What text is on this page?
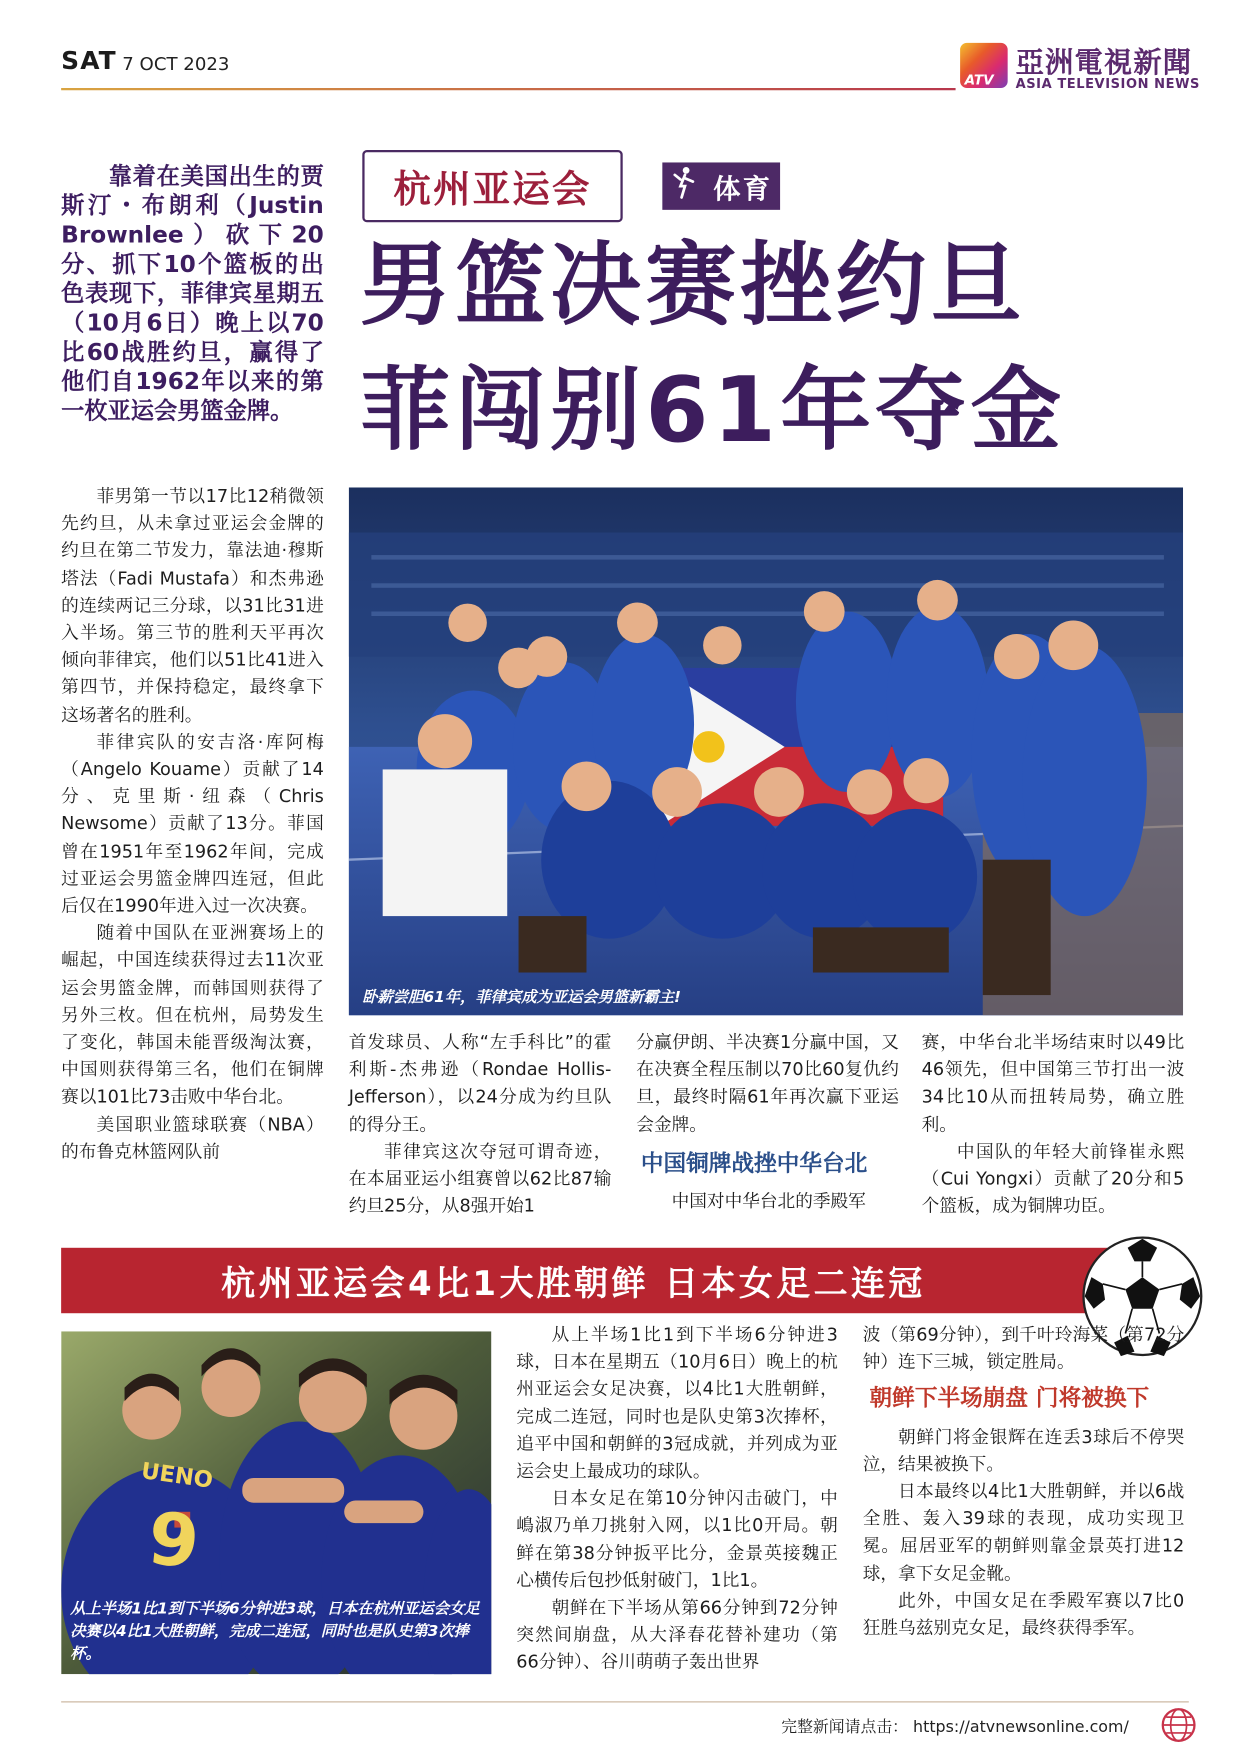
SAT 7 OCT 2023
ATV
亞洲電視新聞
ASIA TELEVISION NEWS
杭州亚运会	体育
男篮决赛挫约旦
菲闯别61年夺金
靠着在美国出生的贾斯汀・布朗利（Justin Brownlee）砍下20分、抓下10个篮板的出色表现下，菲律宾星期五（10月6日）晚上以70比60战胜约旦，赢得了他们自1962年以来的第一枚亚运会男篮金牌。

菲男第一节以17比12稍微领先约旦，从未拿过亚运会金牌的约旦在第二节发力，靠法迪·穆斯塔法（Fadi Mustafa）和杰弗逊的连续两记三分球，以31比31进入半场。第三节的胜利天平再次倾向菲律宾，他们以51比41进入第四节，并保持稳定，最终拿下这场著名的胜利。

菲律宾队的安吉洛·库阿梅（Angelo Kouame）贡献了14分、克里斯·纽森（Chris Newsome）贡献了13分。菲国曾在1951年至1962年间，完成过亚运会男篮金牌四连冠，但此后仅在1990年进入过一次决赛。

随着中国队在亚洲赛场上的崛起，中国连续获得过去11次亚运会男篮金牌，而韩国则获得了另外三枚。但在杭州，局势发生了变化，韩国未能晋级淘汰赛，中国则获得第三名，他们在铜牌赛以101比73击败中华台北。

美国职业篮球联赛（NBA）的布鲁克林篮网队前

卧薪尝胆61年，菲律宾成为亚运会男篮新霸主!

首发球员、人称“左手科比”的霍利斯-杰弗逊（Rondae Hollis-Jefferson），以24分成为约旦队的得分王。

菲律宾这次夺冠可谓奇迹，在本届亚运小组赛曾以62比87输约旦25分，从8强开始1

分赢伊朗、半决赛1分赢中国，又在决赛全程压制以70比60复仇约旦，最终时隔61年再次赢下亚运会金牌。

中国铜牌战挫中华台北

中国对中华台北的季殿军

赛，中华台北半场结束时以49比46领先，但中国第三节打出一波34比10从而扭转局势，确立胜利。

中国队的年轻大前锋崔永熙（Cui Yongxi）贡献了20分和5个篮板，成为铜牌功臣。

杭州亚运会4比1大胜朝鲜 日本女足二连冠
UENO
9
从上半场1比1到下半场6分钟进3球，日本在杭州亚运会女足决赛以4比1大胜朝鲜，完成二连冠，同时也是队史第3次捧杯。

从上半场1比1到下半场6分钟进3球，日本在星期五（10月6日）晚上的杭州亚运会女足决赛，以4比1大胜朝鲜，完成二连冠，同时也是队史第3次捧杯，追平中国和朝鲜的3冠成就，并列成为亚运会史上最成功的球队。

日本女足在第10分钟闪击破门，中嶋淑乃单刀挑射入网，以1比0开局。朝鲜在第38分钟扳平比分，金景英接魏正心横传后包抄低射破门，1比1。

朝鲜在下半场从第66分钟到72分钟突然间崩盘，从大泽春花替补建功（第66分钟）、谷川萌萌子轰出世界

波（第69分钟），到千叶玲海菜（第72分钟）连下三城，锁定胜局。

朝鲜下半场崩盘 门将被换下

朝鲜门将金银辉在连丢3球后不停哭泣，结果被换下。

日本最终以4比1大胜朝鲜，并以6战全胜、轰入39球的表现，成功实现卫冕。屈居亚军的朝鲜则靠金景英打进12球，拿下女足金靴。

此外，中国女足在季殿军赛以7比0狂胜乌兹别克女足，最终获得季军。

完整新闻请点击： https://atvnewsonline.com/
